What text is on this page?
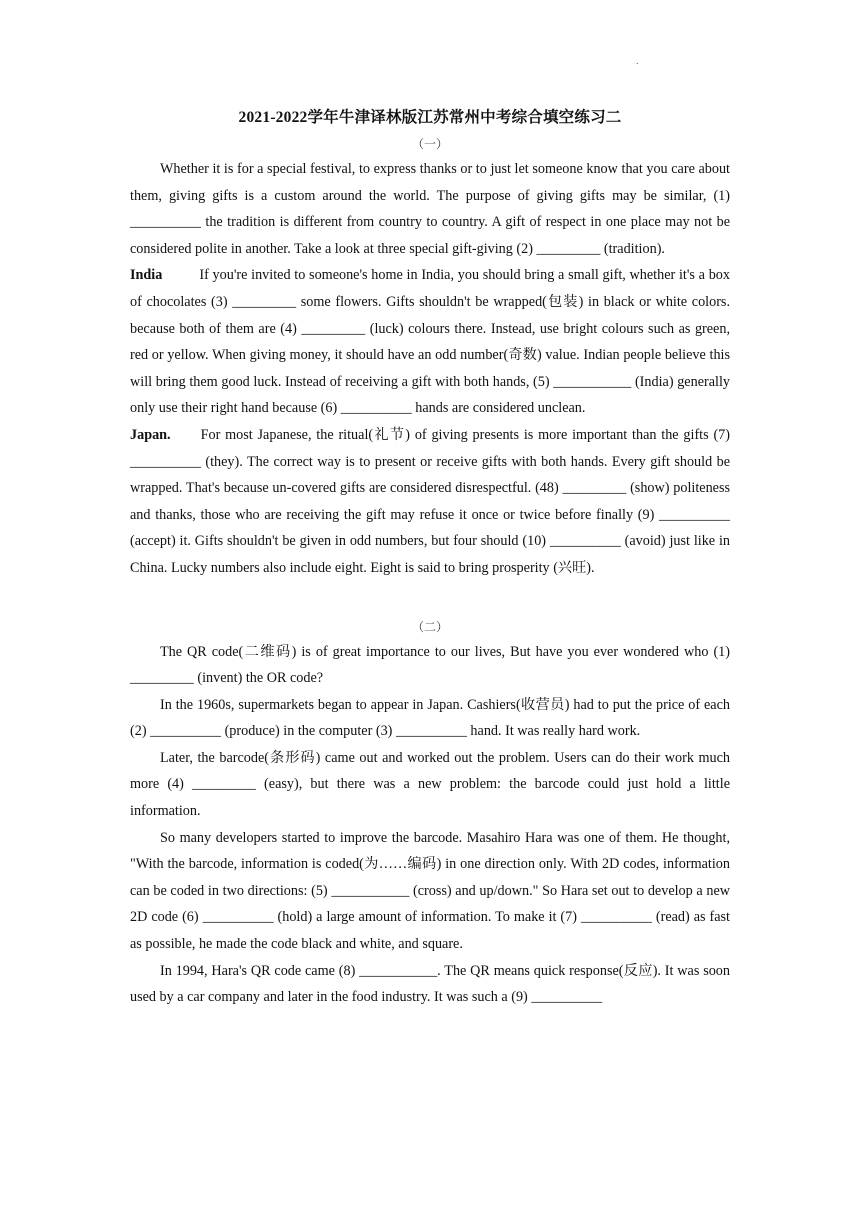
.
2021-2022学年牛津译林版江苏常州中考综合填空练习二
（一）

Whether it is for a special festival, to express thanks or to just let someone know that you care about them, giving gifts is a custom around the world. The purpose of giving gifts may be similar, (1) __________ the tradition is different from country to country. A gift of respect in one place may not be considered polite in another. Take a look at three special gift-giving (2) _________ (tradition).

India	If you're invited to someone's home in India, you should bring a small gift, whether it's a box of chocolates (3) _________ some flowers. Gifts shouldn't be wrapped(包装) in black or white colors. because both of them are (4) _________ (luck) colours there. Instead, use bright colours such as green, red or yellow. When giving money, it should have an odd number(奇数) value. Indian people believe this will bring them good luck. Instead of receiving a gift with both hands, (5) ___________ (India) generally only use their right hand because (6) __________ hands are considered unclean.

Japan. For most Japanese, the ritual(礼节) of giving presents is more important than the gifts (7) __________ (they). The correct way is to present or receive gifts with both hands. Every gift should be wrapped. That's because un-covered gifts are considered disrespectful. (48) _________ (show) politeness and thanks, those who are receiving the gift may refuse it once or twice before finally (9) __________ (accept) it. Gifts shouldn't be given in odd numbers, but four should (10) __________ (avoid) just like in China. Lucky numbers also include eight. Eight is said to bring prosperity (兴旺).

（二）

The QR code(二维码) is of great importance to our lives, But have you ever wondered who (1) _________ (invent) the OR code?

In the 1960s, supermarkets began to appear in Japan. Cashiers(收营员) had to put the price of each (2) __________ (produce) in the computer (3) __________ hand. It was really hard work.

Later, the barcode(条形码) came out and worked out the problem. Users can do their work much more (4) _________ (easy), but there was a new problem: the barcode could just hold a little information.

So many developers started to improve the barcode. Masahiro Hara was one of them. He thought, "With the barcode, information is coded(为……编码) in one direction only. With 2D codes, information can be coded in two directions: (5) ___________ (cross) and up/down." So Hara set out to develop a new 2D code (6) __________ (hold) a large amount of information. To make it (7) __________ (read) as fast as possible, he made the code black and white, and square.

In 1994, Hara's QR code came (8) ___________. The QR means quick response(反应). It was soon used by a car company and later in the food industry. It was such a (9) __________
